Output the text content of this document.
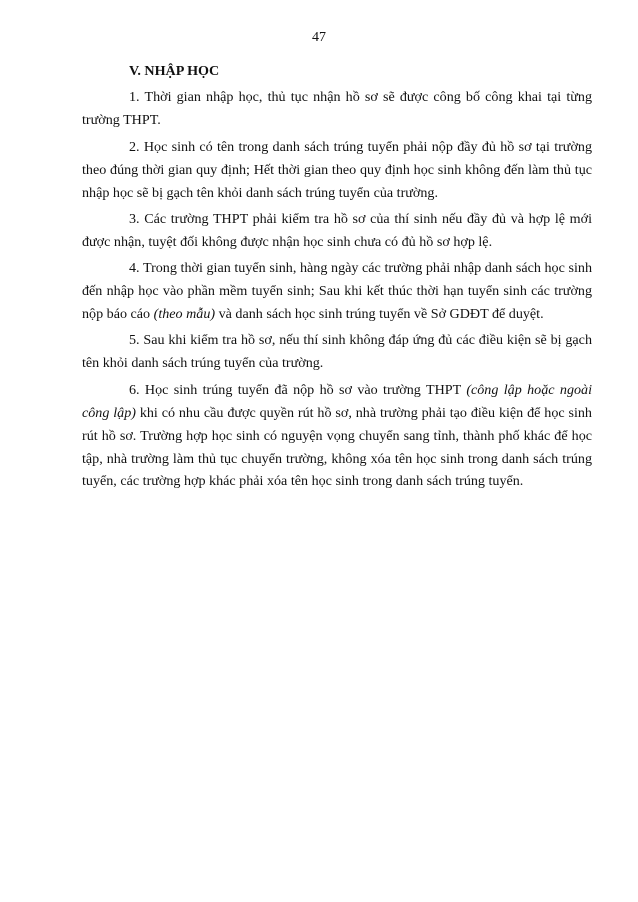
47

V. NHẬP HỌC

1. Thời gian nhập học, thủ tục nhận hồ sơ sẽ được công bố công khai tại từng trường THPT.

2. Học sinh có tên trong danh sách trúng tuyển phải nộp đầy đủ hồ sơ tại trường theo đúng thời gian quy định; Hết thời gian theo quy định học sinh không đến làm thủ tục nhập học sẽ bị gạch tên khỏi danh sách trúng tuyển của trường.

3. Các trường THPT phải kiểm tra hồ sơ của thí sinh nếu đầy đủ và hợp lệ mới được nhận, tuyệt đối không được nhận học sinh chưa có đủ hồ sơ hợp lệ.

4. Trong thời gian tuyển sinh, hàng ngày các trường phải nhập danh sách học sinh đến nhập học vào phần mềm tuyển sinh; Sau khi kết thúc thời hạn tuyển sinh các trường nộp báo cáo (theo mẫu) và danh sách học sinh trúng tuyển về Sở GDĐT để duyệt.

5. Sau khi kiểm tra hồ sơ, nếu thí sinh không đáp ứng đủ các điều kiện sẽ bị gạch tên khỏi danh sách trúng tuyển của trường.

6. Học sinh trúng tuyển đã nộp hồ sơ vào trường THPT (công lập hoặc ngoài công lập) khi có nhu cầu được quyền rút hồ sơ, nhà trường phải tạo điều kiện để học sinh rút hồ sơ. Trường hợp học sinh có nguyện vọng chuyển sang tỉnh, thành phố khác để học tập, nhà trường làm thủ tục chuyển trường, không xóa tên học sinh trong danh sách trúng tuyển, các trường hợp khác phải xóa tên học sinh trong danh sách trúng tuyển.
